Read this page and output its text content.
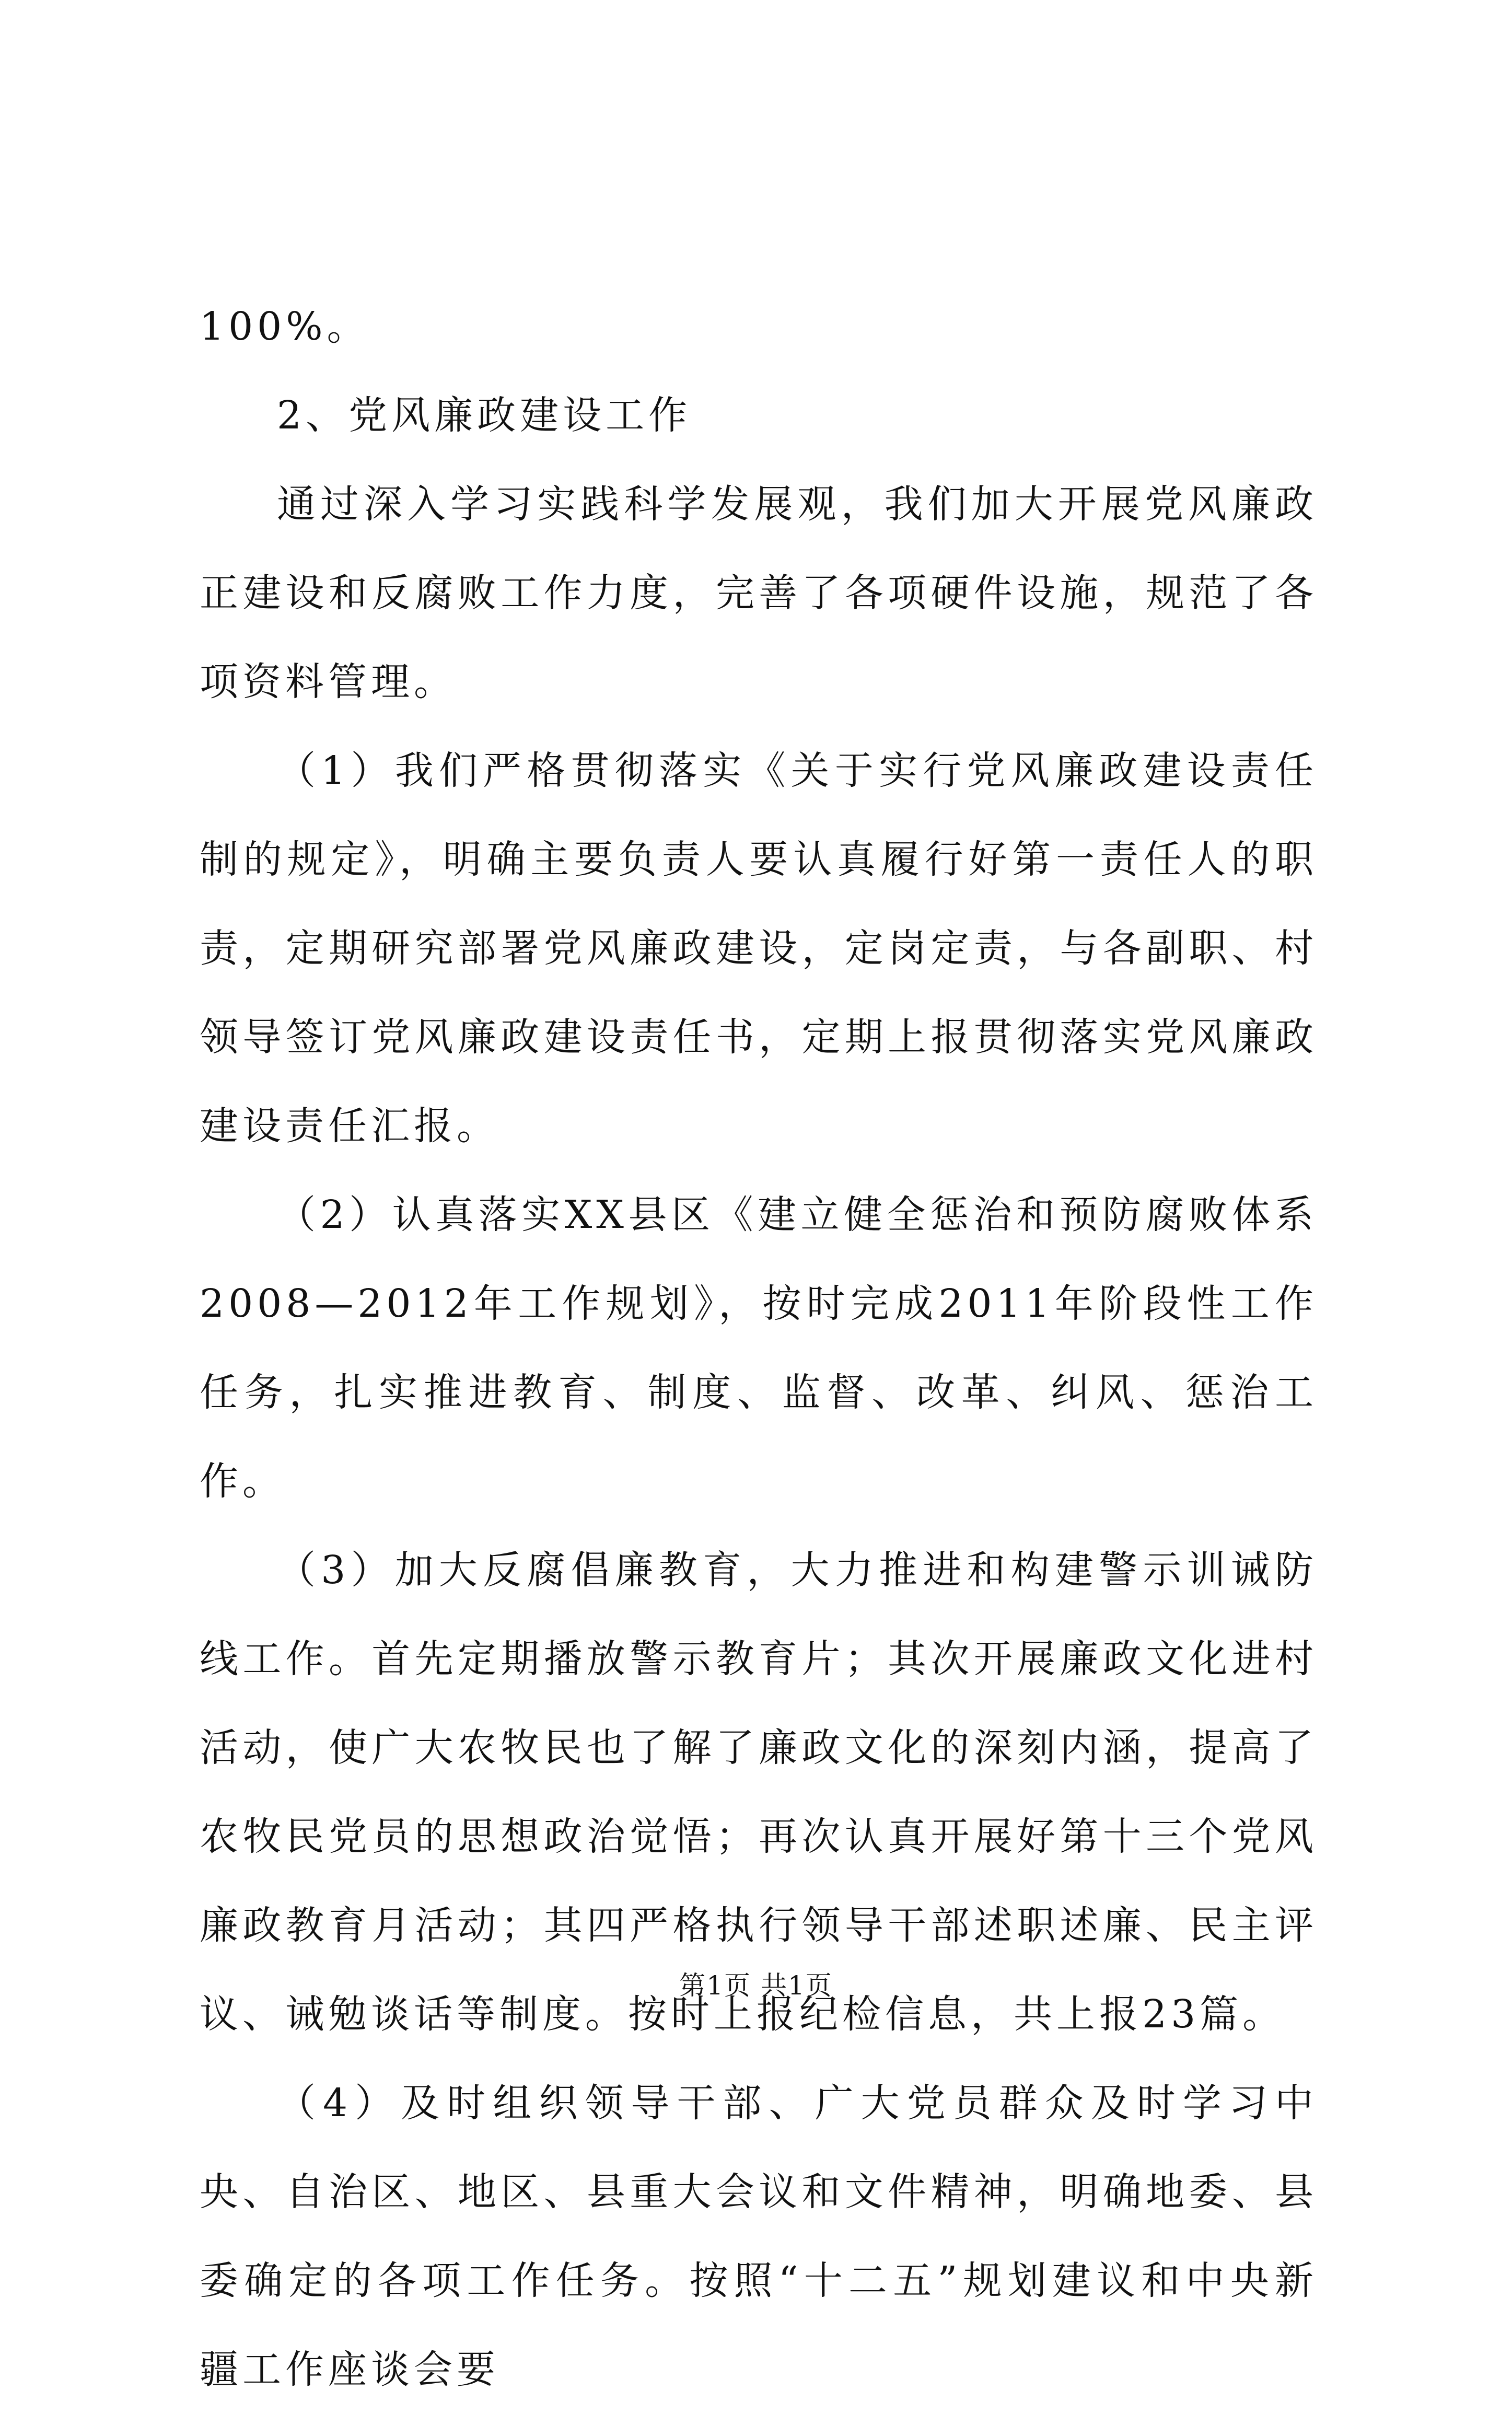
100%。

2、党风廉政建设工作

通过深入学习实践科学发展观，我们加大开展党风廉政正建设和反腐败工作力度，完善了各项硬件设施，规范了各项资料管理。

（1）我们严格贯彻落实《关于实行党风廉政建设责任制的规定》，明确主要负责人要认真履行好第一责任人的职责，定期研究部署党风廉政建设，定岗定责，与各副职、村领导签订党风廉政建设责任书，定期上报贯彻落实党风廉政建设责任汇报。

（2）认真落实XX县区《建立健全惩治和预防腐败体系2008—2012年工作规划》，按时完成2011年阶段性工作任务，扎实推进教育、制度、监督、改革、纠风、惩治工作。

（3）加大反腐倡廉教育，大力推进和构建警示训诫防线工作。首先定期播放警示教育片；其次开展廉政文化进村活动，使广大农牧民也了解了廉政文化的深刻内涵，提高了农牧民党员的思想政治觉悟；再次认真开展好第十三个党风廉政教育月活动；其四严格执行领导干部述职述廉、民主评议、诫勉谈话等制度。按时上报纪检信息，共上报23篇。

（4）及时组织领导干部、广大党员群众及时学习中央、自治区、地区、县重大会议和文件精神，明确地委、县委确定的各项工作任务。按照“十二五”规划建议和中央新疆工作座谈会要

第1页 共1页
